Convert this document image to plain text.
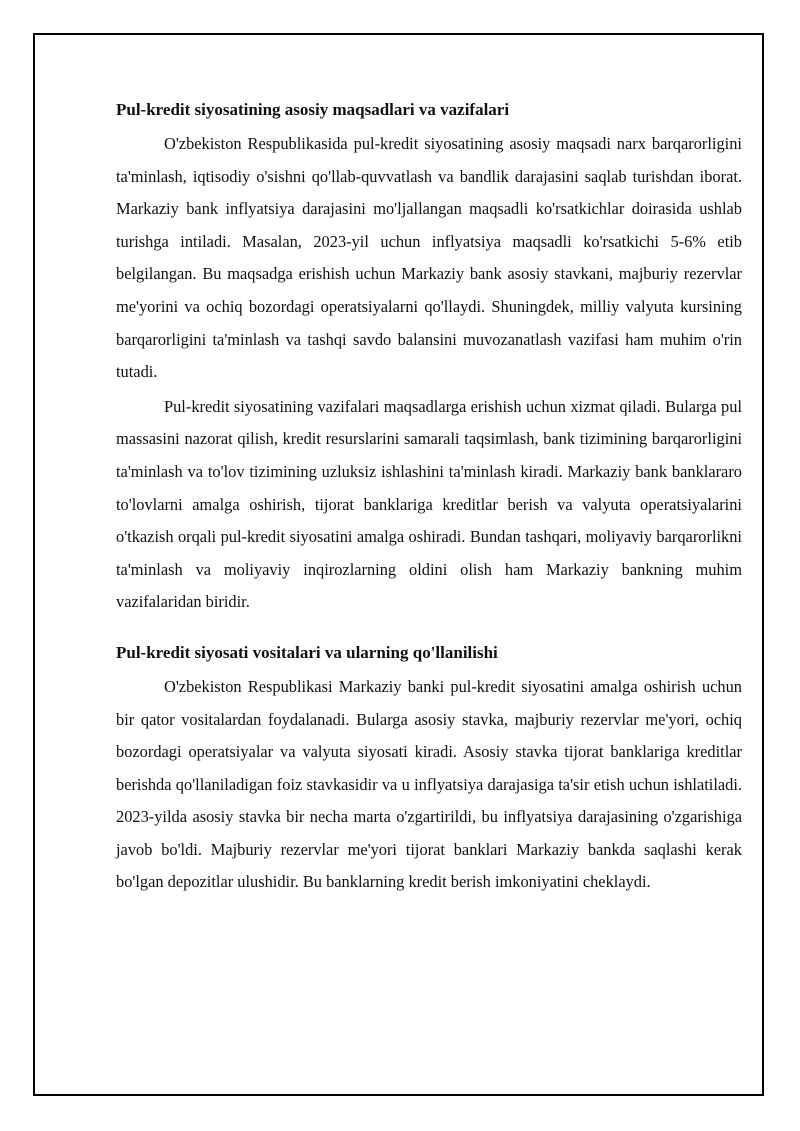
Pul-kredit siyosatining asosiy maqsadlari va vazifalari

O'zbekiston Respublikasida pul-kredit siyosatining asosiy maqsadi narx barqarorligini ta'minlash, iqtisodiy o'sishni qo'llab-quvvatlash va bandlik darajasini saqlab turishdan iborat. Markaziy bank inflyatsiya darajasini mo'ljallangan maqsadli ko'rsatkichlar doirasida ushlab turishga intiladi. Masalan, 2023-yil uchun inflyatsiya maqsadli ko'rsatkichi 5-6% etib belgilangan. Bu maqsadga erishish uchun Markaziy bank asosiy stavkani, majburiy rezervlar me'yorini va ochiq bozordagi operatsiyalarni qo'llaydi. Shuningdek, milliy valyuta kursining barqarorligini ta'minlash va tashqi savdo balansini muvozanatlash vazifasi ham muhim o'rin tutadi.

Pul-kredit siyosatining vazifalari maqsadlarga erishish uchun xizmat qiladi. Bularga pul massasini nazorat qilish, kredit resurslarini samarali taqsimlash, bank tizimining barqarorligini ta'minlash va to'lov tizimining uzluksiz ishlashini ta'minlash kiradi. Markaziy bank banklararo to'lovlarni amalga oshirish, tijorat banklariga kreditlar berish va valyuta operatsiyalarini o'tkazish orqali pul-kredit siyosatini amalga oshiradi. Bundan tashqari, moliyaviy barqarorlikni ta'minlash va moliyaviy inqirozlarning oldini olish ham Markaziy bankning muhim vazifalaridan biridir.

Pul-kredit siyosati vositalari va ularning qo'llanilishi

O'zbekiston Respublikasi Markaziy banki pul-kredit siyosatini amalga oshirish uchun bir qator vositalardan foydalanadi. Bularga asosiy stavka, majburiy rezervlar me'yori, ochiq bozordagi operatsiyalar va valyuta siyosati kiradi. Asosiy stavka tijorat banklariga kreditlar berishda qo'llaniladigan foiz stavkasidir va u inflyatsiya darajasiga ta'sir etish uchun ishlatiladi. 2023-yilda asosiy stavka bir necha marta o'zgartirildi, bu inflyatsiya darajasining o'zgarishiga javob bo'ldi. Majburiy rezervlar me'yori tijorat banklari Markaziy bankda saqlashi kerak bo'lgan depozitlar ulushidir. Bu banklarning kredit berish imkoniyatini cheklaydi.
